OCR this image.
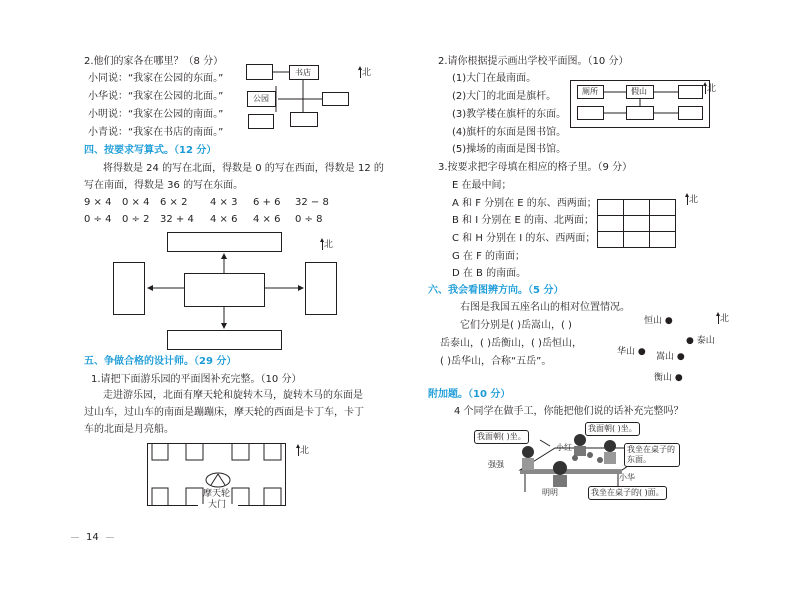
2.他们的家各在哪里？（8 分）
小同说：“我家在公园的东面。”
小华说：“我家在公园的北面。”
小明说：“我家在公园的南面。”
小青说：“我家在书店的南面。”
书店
公园
北
四、按要求写算式。（12 分）
将得数是 24 的写在北面，得数是 0 的写在西面，得数是 12 的
写在南面，得数是 36 的写在东面。
9 × 4 0 × 4 6 × 2 4 × 3 6 + 6 32 − 8
0 ÷ 4 0 ÷ 2 32 + 4 4 × 6 4 × 6 0 ÷ 8
北
五、争做合格的设计师。（29 分）
1.请把下面游乐园的平面图补充完整。（10 分）
走进游乐园，北面有摩天轮和旋转木马，旋转木马的东面是
过山车，过山车的南面是蹦蹦床，摩天轮的西面是卡丁车，卡丁
车的北面是月亮船。
摩天轮
大门
北
14
2.请你根据提示画出学校平面图。（10 分）
(1)大门在最南面。
(2)大门的北面是旗杆。
(3)教学楼在旗杆的东面。
(4)旗杆的东面是图书馆。
(5)操场的南面是图书馆。
厕所	假山	北
3.按要求把字母填在相应的格子里。（9 分）
E 在最中间；
A 和 F 分别在 E 的东、西两面；
B 和 I 分别在 E 的南、北两面；
C 和 H 分别在 I 的东、西两面；
G 在 F 的南面；
D 在 B 的南面。

北
六、我会看图辨方向。（5 分）
右图是我国五座名山的相对位置情况。
它们分别是( )岳嵩山，( )
岳泰山，( )岳衡山，( )岳恒山，
( )岳华山，合称“五岳”。
恒山 ●
● 泰山
华山 ● 嵩山 ●
衡山 ●
北
附加题。（10 分）
4 个同学在做手工，你能把他们说的话补充完整吗？
我面朝( )坐。
我面朝( )坐。
我坐在桌子的东面。
我坐在桌子的( )面。
小红
强强
小华
明明
